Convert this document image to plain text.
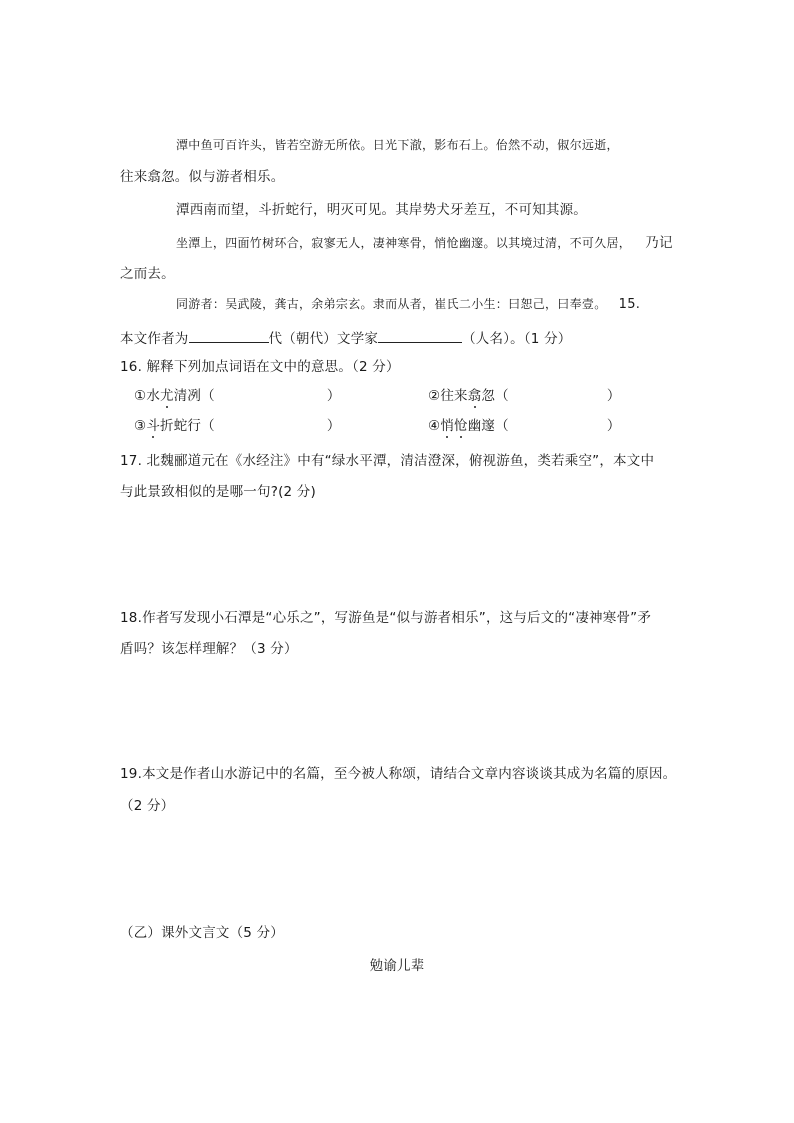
潭中鱼可百许头，皆若空游无所依。日光下澈，影布石上。佁然不动，俶尔远逝，
往来翕忽。似与游者相乐。
潭西南而望，斗折蛇行，明灭可见。其岸势犬牙差互，不可知其源。
坐潭上，四面竹树环合，寂寥无人，凄神寒骨，悄怆幽邃。以其境过清，不可久居， 乃记
之而去。
同游者：吴武陵，龚古，余弟宗玄。隶而从者，崔氏二小生：曰恕己，曰奉壹。 15.
本文作者为	代（朝代）文学家	（人名）。（1 分）
16. 解释下列加点词语在文中的意思。（2 分）
①水尤清冽（	）	②往来翕忽（	）
③斗折蛇行（	）	④悄怆幽邃（	）
17. 北魏郦道元在《水经注》中有“绿水平潭，清洁澄深，俯视游鱼，类若乘空”，本文中
与此景致相似的是哪一句?(2 分)
18.作者写发现小石潭是“心乐之”，写游鱼是“似与游者相乐”，这与后文的“凄神寒骨”矛
盾吗？该怎样理解？（3 分）
19.本文是作者山水游记中的名篇，至今被人称颂，请结合文章内容谈谈其成为名篇的原因。
（2 分）
（乙）课外文言文（5 分）
勉谕儿辈
